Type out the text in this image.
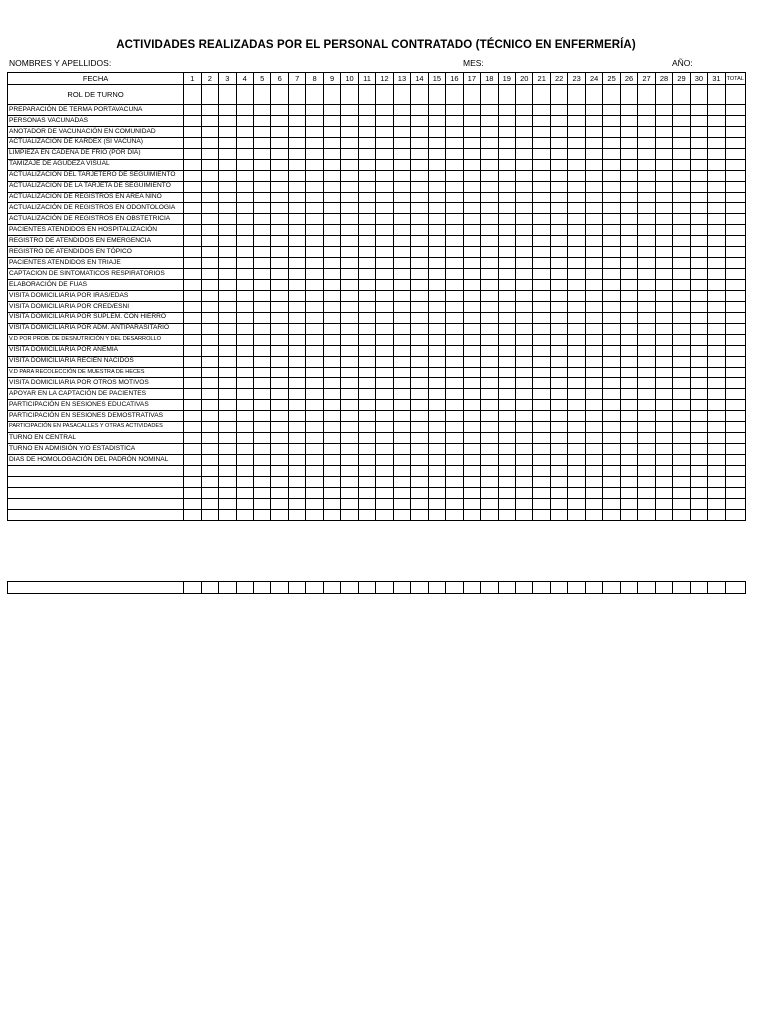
ACTIVIDADES REALIZADAS POR EL PERSONAL CONTRATADO (TÉCNICO EN ENFERMERÍA)
NOMBRES Y APELLIDOS:	MES:	AÑO:
FECHA	1	2	3	4	5	6	7	8	9	10	11	12	13	14	15	16	17	18	19	20	21	22	23	24	25	26	27	28	29	30	31	TOTAL
ROL DE TURNO																																
PREPARACIÓN DE TERMA PORTAVACUNA																																
PERSONAS VACUNADAS																																
ANOTADOR DE VACUNACIÓN EN COMUNIDAD																																
ACTUALIZACIÓN DE KARDEX (SI VACUNA)																																
LIMPIEZA EN CADENA DE FRIO (POR DÍA)																																
TAMIZAJE DE AGUDEZA VISUAL																																
ACTUALIZACIÓN DEL TARJETERO DE SEGUIMIENTO																																
ACTUALIZACIÓN DE LA TARJETA DE SEGUIMIENTO																																
ACTUALIZACIÓN DE REGISTROS EN AREA NIÑO																																
ACTUALIZACIÓN DE REGISTROS EN ODONTOLOGIA																																
ACTUALIZACIÓN DE REGISTROS EN OBSTETRICIA																																
PACIENTES ATENDIDOS EN HOSPITALIZACIÓN																																
REGISTRO DE ATENDIDOS EN EMERGENCIA																																
REGISTRO DE ATENDIDOS EN TÓPICO																																
PACIENTES ATENDIDOS EN TRIAJE																																
CAPTACION DE SINTOMATICOS RESPIRATORIOS																																
ELABORACIÓN DE FUAS																																
VISITA DOMICILIARIA POR IRAS/EDAS																																
VISITA DOMICILIARIA POR CRED/ESNI																																
VISITA DOMICILIARIA POR SUPLEM. CON HIERRO																																
VISITA DOMICILIARIA POR ADM. ANTIPARASITARIO																																
V.D POR PROB. DE DESNUTRICIÓN Y DEL DESARROLLO																																
VISITA DOMICILIARIA POR ANEMIA																																
VISITA DOMICILIARIA RECIÉN NACIDOS																																
V.D PARA RECOLECCIÓN DE MUESTRA DE HECES																																
VISITA DOMICILIARIA POR OTROS MOTIVOS																																
APOYAR EN LA CAPTACIÓN DE PACIENTES																																
PARTICIPACIÓN EN SESIONES EDUCATIVAS																																
PARTICIPACIÓN EN SESIONES DEMOSTRATIVAS																																
PARTICIPACIÓN EN PASACALLES Y OTRAS ACTIVIDADES																																
TURNO EN CENTRAL																																
TURNO EN ADMISIÓN Y/O ESTADISTICA																																
DIAS DE HOMOLOGACIÓN DEL PADRÓN NOMINAL																																
